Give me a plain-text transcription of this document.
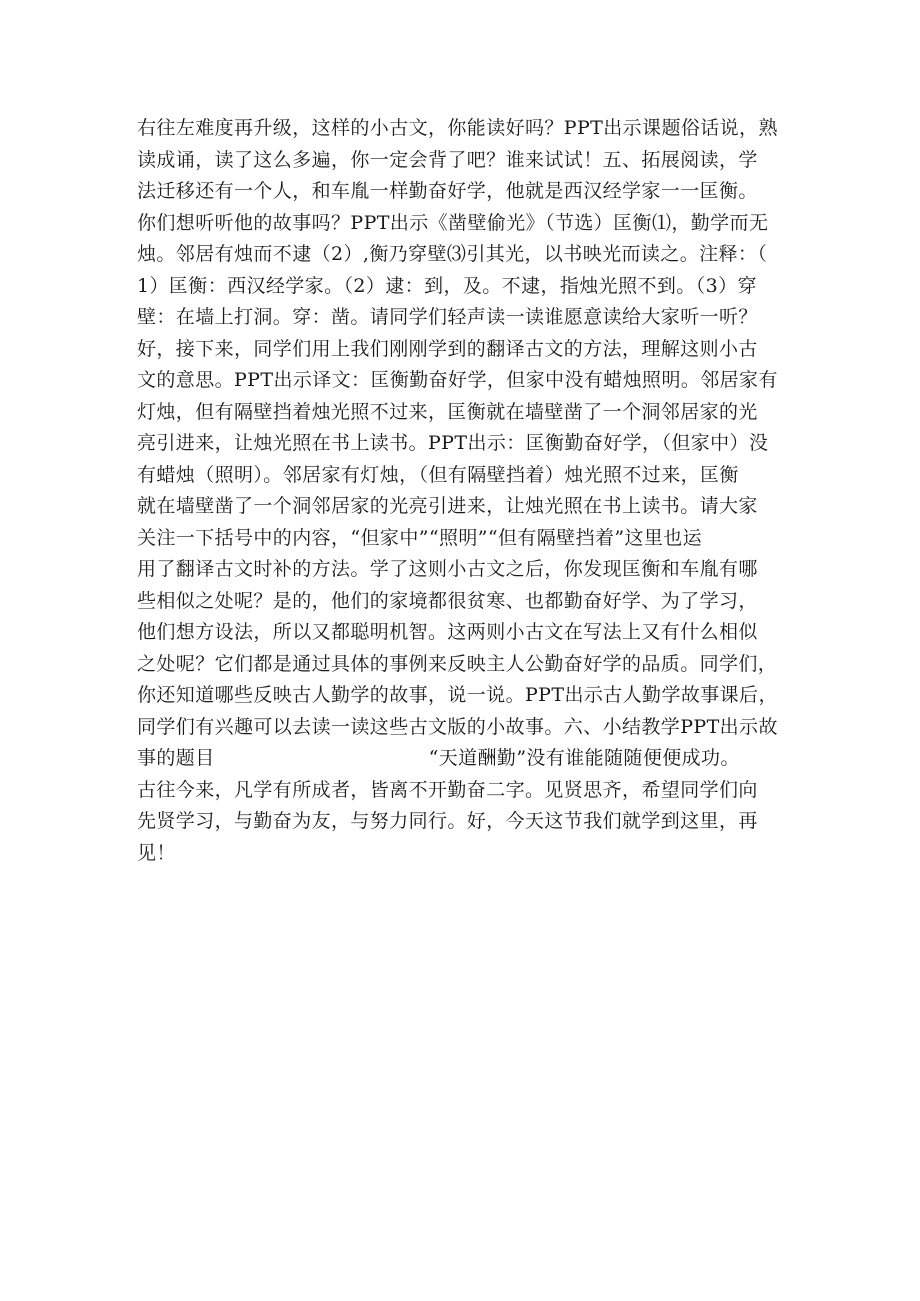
右往左难度再升级，这样的小古文，你能读好吗？PPT出示课题俗话说，熟
读成诵，读了这么多遍，你一定会背了吧？谁来试试！五、拓展阅读，学
法迁移还有一个人，和车胤一样勤奋好学，他就是西汉经学家一一匡衡。
你们想听听他的故事吗？PPT出示《凿壁偷光》（节选）匡衡⑴，勤学而无
烛。邻居有烛而不逮（2）,衡乃穿壁⑶引其光，以书映光而读之。注释：（
1）匡衡：西汉经学家。（2）逮：到，及。不逮，指烛光照不到。（3）穿
壁：在墙上打洞。穿：凿。请同学们轻声读一读谁愿意读给大家听一听？
好，接下来，同学们用上我们刚刚学到的翻译古文的方法，理解这则小古
文的意思。PPT出示译文：匡衡勤奋好学，但家中没有蜡烛照明。邻居家有
灯烛，但有隔壁挡着烛光照不过来，匡衡就在墙壁凿了一个洞邻居家的光
亮引进来，让烛光照在书上读书。PPT出示：匡衡勤奋好学，（但家中）没
有蜡烛（照明）。邻居家有灯烛，（但有隔壁挡着）烛光照不过来，匡衡
就在墙壁凿了一个洞邻居家的光亮引进来，让烛光照在书上读书。请大家
关注一下括号中的内容，“但家中”“照明”“但有隔壁挡着”这里也运
用了翻译古文时补的方法。学了这则小古文之后，你发现匡衡和车胤有哪
些相似之处呢？是的，他们的家境都很贫寒、也都勤奋好学、为了学习，
他们想方设法，所以又都聪明机智。这两则小古文在写法上又有什么相似
之处呢？它们都是通过具体的事例来反映主人公勤奋好学的品质。同学们，
你还知道哪些反映古人勤学的故事，说一说。PPT出示古人勤学故事课后，
同学们有兴趣可以去读一读这些古文版的小故事。六、小结教学PPT出示故
事的题目	“天道酬勤”没有谁能随随便便成功。
古往今来，凡学有所成者，皆离不开勤奋二字。见贤思齐，希望同学们向
先贤学习，与勤奋为友，与努力同行。好，今天这节我们就学到这里，再
见！
